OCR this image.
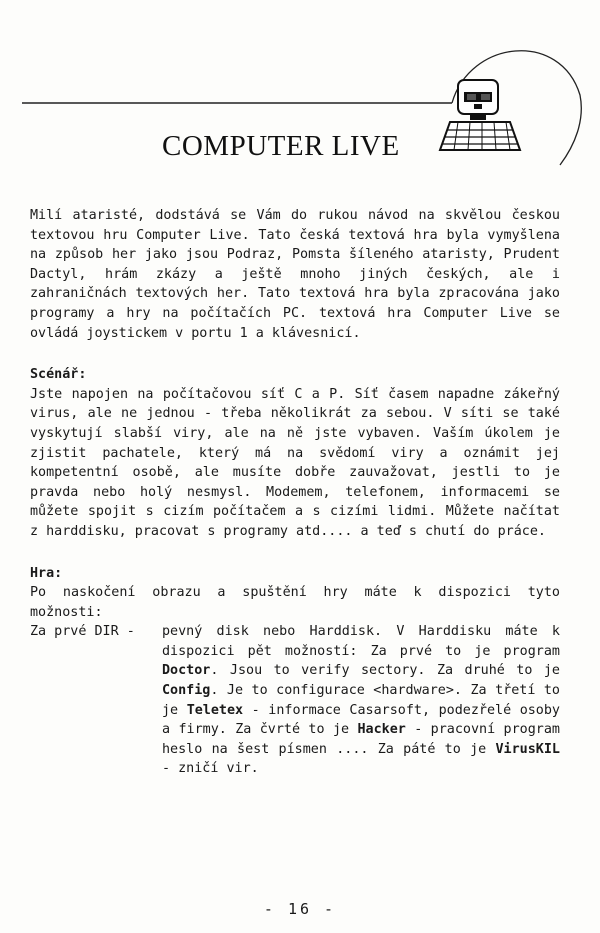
COMPUTER LIVE

Milí ataristé, dodstává se Vám do rukou návod na skvělou českou textovou hru Computer Live. Tato česká textová hra byla vymyšlena na způsob her jako jsou Podraz, Pomsta šíleného ataristy, Prudent Dactyl, hrám zkázy a ještě mnoho jiných českých, ale i zahraničnách textových her. Tato textová hra byla zpracována jako programy a hry na počítačích PC. textová hra Computer Live se ovládá joystickem v portu 1 a klávesnicí.

Scénář:

Jste napojen na počítačovou síť C a P. Síť časem napadne zákeřný virus, ale ne jednou - třeba několikrát za sebou. V síti se také vyskytují slabší viry, ale na ně jste vybaven. Vaším úkolem je zjistit pachatele, který má na svědomí viry a oznámit jej kompetentní osobě, ale musíte dobře zauvažovat, jestli to je pravda nebo holý nesmysl. Modemem, telefonem, informacemi se můžete spojit s cizím počítačem a s cizími lidmi. Můžete načítat z harddisku, pracovat s programy atd.... a teď s chutí do práce.

Hra:

Po naskočení obrazu a spuštění hry máte k dispozici tyto možnosti:

Za prvé DIR -	pevný disk nebo Harddisk. V Harddisku máte k dispozici pět možností: Za prvé to je program Doctor. Jsou to verify sectory. Za druhé to je Config. Je to configurace <hardware>. Za třetí to je Teletex - informace Casarsoft, podezřelé osoby a firmy. Za čvrté to je Hacker - pracovní program heslo na šest písmen .... Za páté to je VirusKIL - zničí vir.
- 16 -
